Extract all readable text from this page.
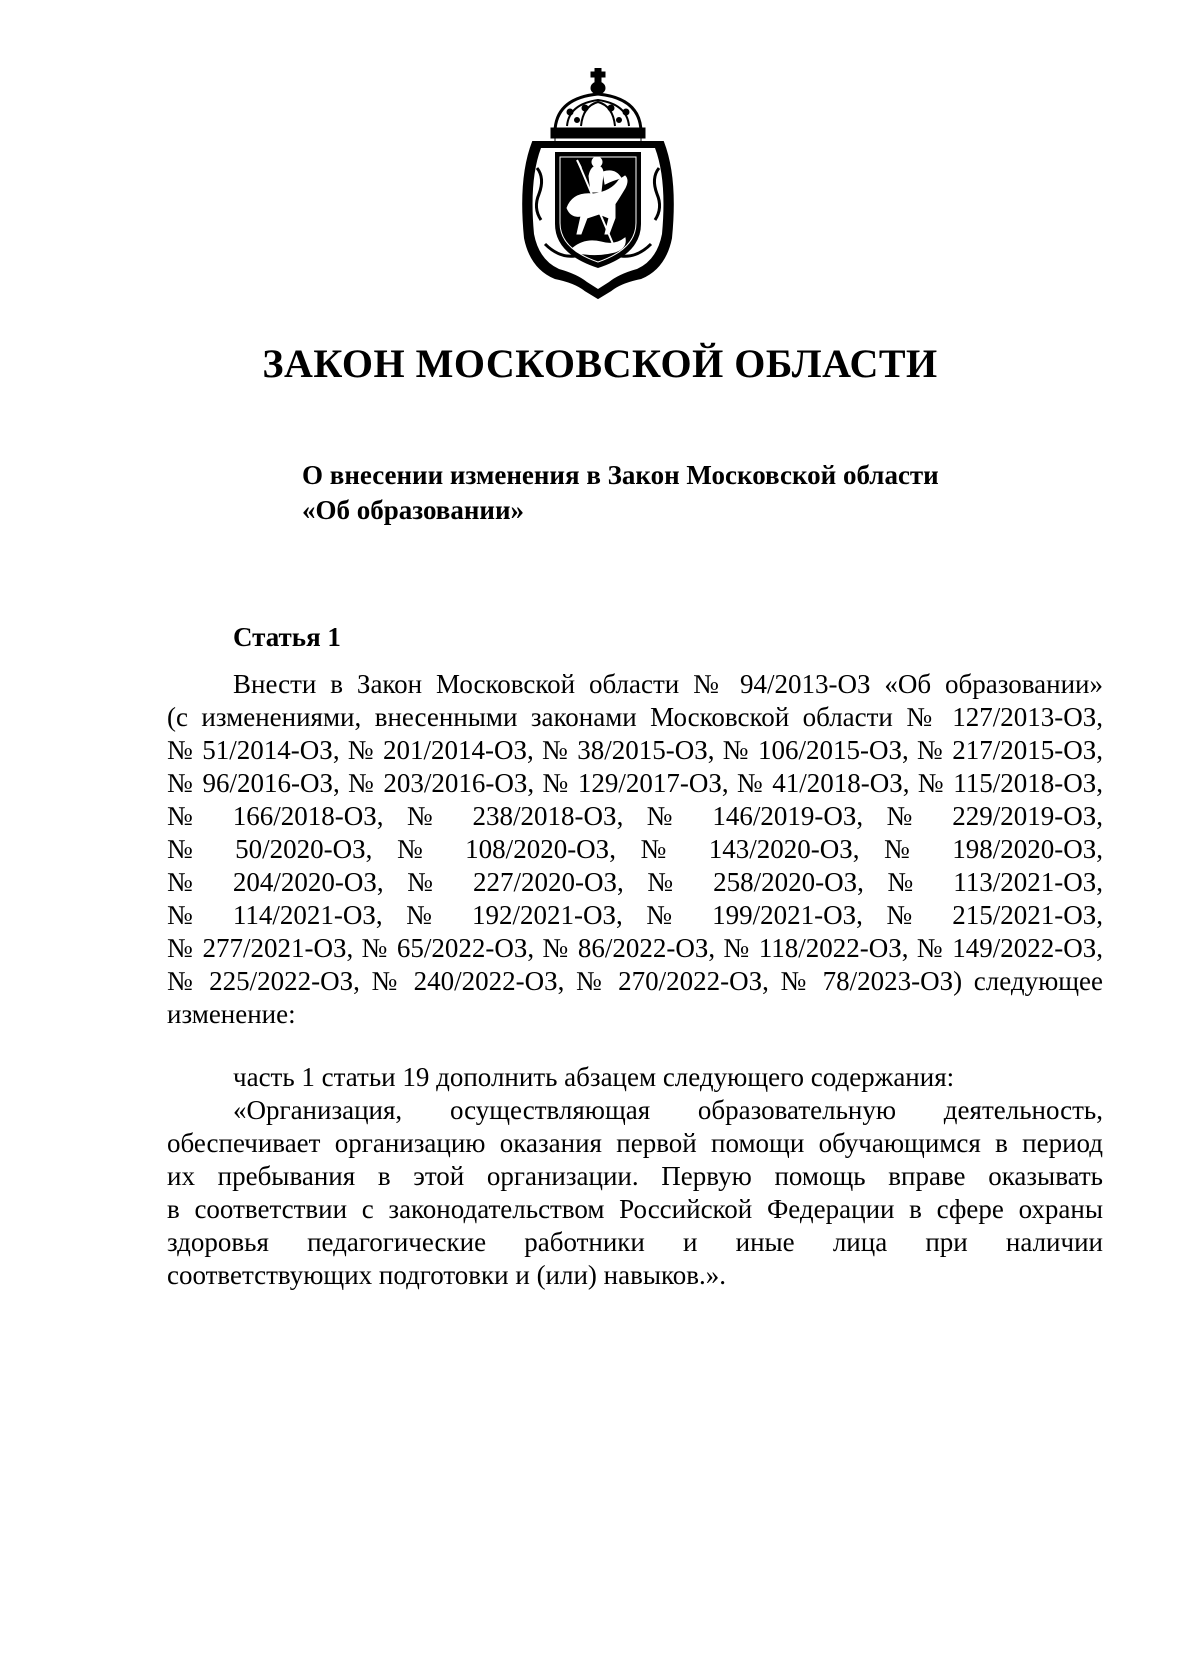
ЗАКОН МОСКОВСКОЙ ОБЛАСТИ
О внесении изменения в Закон Московской области
«Об образовании»
Статья 1
Внести в Закон Московской области № 94/2013-ОЗ «Об образовании»
(с изменениями, внесенными законами Московской области № 127/2013-ОЗ,
№ 51/2014-ОЗ, № 201/2014-ОЗ, № 38/2015-ОЗ, № 106/2015-ОЗ, № 217/2015-ОЗ,
№ 96/2016-ОЗ, № 203/2016-ОЗ, № 129/2017-ОЗ, № 41/2018-ОЗ, № 115/2018-ОЗ,
№ 166/2018-ОЗ, № 238/2018-ОЗ, № 146/2019-ОЗ, № 229/2019-ОЗ,
№ 50/2020-ОЗ, № 108/2020-ОЗ, № 143/2020-ОЗ, № 198/2020-ОЗ,
№ 204/2020-ОЗ, № 227/2020-ОЗ, № 258/2020-ОЗ, № 113/2021-ОЗ,
№ 114/2021-ОЗ, № 192/2021-ОЗ, № 199/2021-ОЗ, № 215/2021-ОЗ,
№ 277/2021-ОЗ, № 65/2022-ОЗ, № 86/2022-ОЗ, № 118/2022-ОЗ, № 149/2022-ОЗ,
№ 225/2022-ОЗ, № 240/2022-ОЗ, № 270/2022-ОЗ, № 78/2023-ОЗ) следующее
изменение:
часть 1 статьи 19 дополнить абзацем следующего содержания:
«Организация, осуществляющая образовательную деятельность,
обеспечивает организацию оказания первой помощи обучающимся в период
их пребывания в этой организации. Первую помощь вправе оказывать
в соответствии с законодательством Российской Федерации в сфере охраны
здоровья педагогические работники и иные лица при наличии
соответствующих подготовки и (или) навыков.».
